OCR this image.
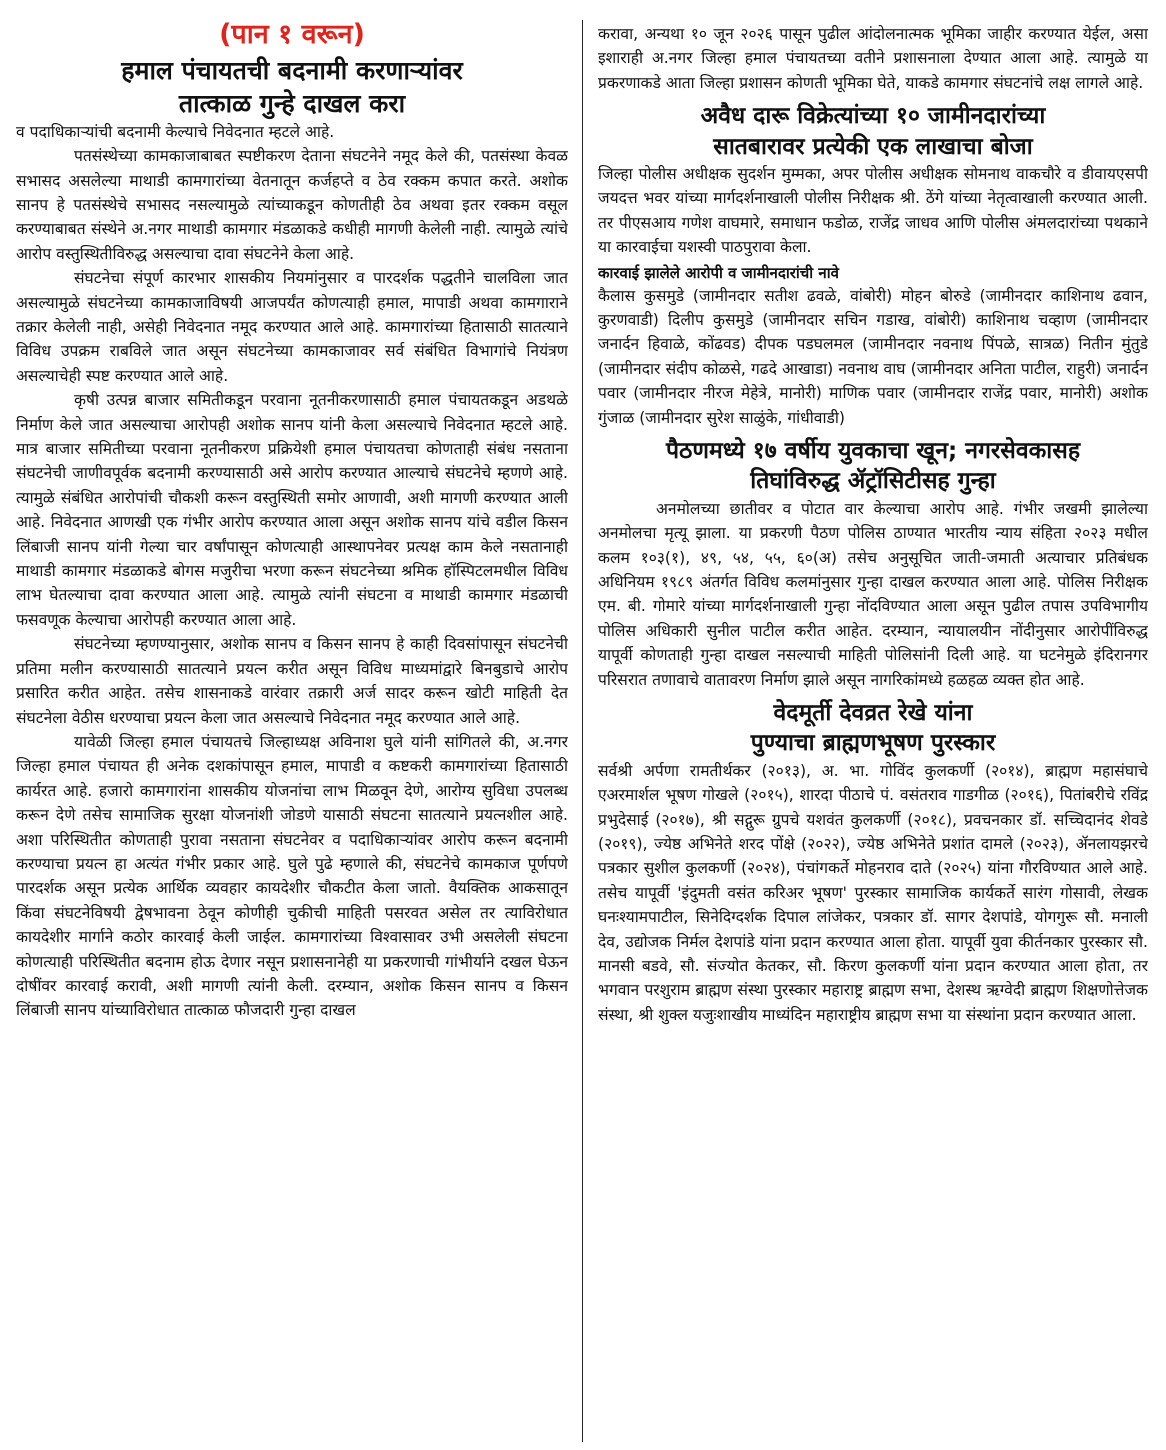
(पान १ वरून)
हमाल पंचायतची बदनामी करणाऱ्यांवर
तात्काळ गुन्हे दाखल करा

व पदाधिकाऱ्यांची बदनामी केल्याचे निवेदनात म्हटले आहे.

पतसंस्थेच्या कामकाजाबाबत स्पष्टीकरण देताना संघटनेने नमूद केले की, पतसंस्था केवळ सभासद असलेल्या माथाडी कामगारांच्या वेतनातून कर्जहप्ते व ठेव रक्कम कपात करते. अशोक सानप हे पतसंस्थेचे सभासद नसल्यामुळे त्यांच्याकडून कोणतीही ठेव अथवा इतर रक्कम वसूल करण्याबाबत संस्थेने अ.नगर माथाडी कामगार मंडळाकडे कधीही मागणी केलेली नाही. त्यामुळे त्यांचे आरोप वस्तुस्थितीविरुद्ध असल्याचा दावा संघटनेने केला आहे.

संघटनेचा संपूर्ण कारभार शासकीय नियमांनुसार व पारदर्शक पद्धतीने चालविला जात असल्यामुळे संघटनेच्या कामकाजाविषयी आजपर्यंत कोणत्याही हमाल, मापाडी अथवा कामगाराने तक्रार केलेली नाही, असेही निवेदनात नमूद करण्यात आले आहे. कामगारांच्या हितासाठी सातत्याने विविध उपक्रम राबविले जात असून संघटनेच्या कामकाजावर सर्व संबंधित विभागांचे नियंत्रण असल्याचेही स्पष्ट करण्यात आले आहे.

कृषी उत्पन्न बाजार समितीकडून परवाना नूतनीकरणासाठी हमाल पंचायतकडून अडथळे निर्माण केले जात असल्याचा आरोपही अशोक सानप यांनी केला असल्याचे निवेदनात म्हटले आहे. मात्र बाजार समितीच्या परवाना नूतनीकरण प्रक्रियेशी हमाल पंचायतचा कोणताही संबंध नसताना संघटनेची जाणीवपूर्वक बदनामी करण्यासाठी असे आरोप करण्यात आल्याचे संघटनेचे म्हणणे आहे. त्यामुळे संबंधित आरोपांची चौकशी करून वस्तुस्थिती समोर आणावी, अशी मागणी करण्यात आली आहे. निवेदनात आणखी एक गंभीर आरोप करण्यात आला असून अशोक सानप यांचे वडील किसन लिंबाजी सानप यांनी गेल्या चार वर्षांपासून कोणत्याही आस्थापनेवर प्रत्यक्ष काम केले नसतानाही माथाडी कामगार मंडळाकडे बोगस मजुरीचा भरणा करून संघटनेच्या श्रमिक हॉस्पिटलमधील विविध लाभ घेतल्याचा दावा करण्यात आला आहे. त्यामुळे त्यांनी संघटना व माथाडी कामगार मंडळाची फसवणूक केल्याचा आरोपही करण्यात आला आहे.

संघटनेच्या म्हणण्यानुसार, अशोक सानप व किसन सानप हे काही दिवसांपासून संघटनेची प्रतिमा मलीन करण्यासाठी सातत्याने प्रयत्न करीत असून विविध माध्यमांद्वारे बिनबुडाचे आरोप प्रसारित करीत आहेत. तसेच शासनाकडे वारंवार तक्रारी अर्ज सादर करून खोटी माहिती देत संघटनेला वेठीस धरण्याचा प्रयत्न केला जात असल्याचे निवेदनात नमूद करण्यात आले आहे.

यावेळी जिल्हा हमाल पंचायतचे जिल्हाध्यक्ष अविनाश घुले यांनी सांगितले की, अ.नगर जिल्हा हमाल पंचायत ही अनेक दशकांपासून हमाल, मापाडी व कष्टकरी कामगारांच्या हितासाठी कार्यरत आहे. हजारो कामगारांना शासकीय योजनांचा लाभ मिळवून देणे, आरोग्य सुविधा उपलब्ध करून देणे तसेच सामाजिक सुरक्षा योजनांशी जोडणे यासाठी संघटना सातत्याने प्रयत्नशील आहे. अशा परिस्थितीत कोणताही पुरावा नसताना संघटनेवर व पदाधिकाऱ्यांवर आरोप करून बदनामी करण्याचा प्रयत्न हा अत्यंत गंभीर प्रकार आहे. घुले पुढे म्हणाले की, संघटनेचे कामकाज पूर्णपणे पारदर्शक असून प्रत्येक आर्थिक व्यवहार कायदेशीर चौकटीत केला जातो. वैयक्तिक आकसातून किंवा संघटनेविषयी द्वेषभावना ठेवून कोणीही चुकीची माहिती पसरवत असेल तर त्याविरोधात कायदेशीर मार्गाने कठोर कारवाई केली जाईल. कामगारांच्या विश्वासावर उभी असलेली संघटना कोणत्याही परिस्थितीत बदनाम होऊ देणार नसून प्रशासनानेही या प्रकरणाची गांभीर्याने दखल घेऊन दोषींवर कारवाई करावी, अशी मागणी त्यांनी केली. दरम्यान, अशोक किसन सानप व किसन लिंबाजी सानप यांच्याविरोधात तात्काळ फौजदारी गुन्हा दाखल

करावा, अन्यथा १० जून २०२६ पासून पुढील आंदोलनात्मक भूमिका जाहीर करण्यात येईल, असा इशाराही अ.नगर जिल्हा हमाल पंचायतच्या वतीने प्रशासनाला देण्यात आला आहे. त्यामुळे या प्रकरणाकडे आता जिल्हा प्रशासन कोणती भूमिका घेते, याकडे कामगार संघटनांचे लक्ष लागले आहे.

अवैध दारू विक्रेत्यांच्या १० जामीनदारांच्या
सातबारावर प्रत्येकी एक लाखाचा बोजा

जिल्हा पोलीस अधीक्षक सुदर्शन मुम्मका, अपर पोलीस अधीक्षक सोमनाथ वाकचौरे व डीवायएसपी जयदत्त भवर यांच्या मार्गदर्शनाखाली पोलीस निरीक्षक श्री. ठेंगे यांच्या नेतृत्वाखाली करण्यात आली. तर पीएसआय गणेश वाघमारे, समाधान फडोळ, राजेंद्र जाधव आणि पोलीस अंमलदारांच्या पथकाने या कारवाईचा यशस्वी पाठपुरावा केला.

कारवाई झालेले आरोपी व जामीनदारांची नावे

कैलास कुसमुडे (जामीनदार सतीश ढवळे, वांबोरी) मोहन बोरुडे (जामीनदार काशिनाथ ढवान, कुरणवाडी) दिलीप कुसमुडे (जामीनदार सचिन गडाख, वांबोरी) काशिनाथ चव्हाण (जामीनदार जनार्दन हिवाळे, कोंढवड) दीपक पडघलमल (जामीनदार नवनाथ पिंपळे, सात्रळ) नितीन मुंतुडे (जामीनदार संदीप कोळसे, गढदे आखाडा) नवनाथ वाघ (जामीनदार अनिता पाटील, राहुरी) जनार्दन पवार (जामीनदार नीरज मेहेत्रे, मानोरी) माणिक पवार (जामीनदार राजेंद्र पवार, मानोरी) अशोक गुंजाळ (जामीनदार सुरेश साळुंके, गांधीवाडी)

पैठणमध्ये १७ वर्षीय युवकाचा खून; नगरसेवकासह
तिघांविरुद्ध ॲट्रॉसिटीसह गुन्हा

अनमोलच्या छातीवर व पोटात वार केल्याचा आरोप आहे. गंभीर जखमी झालेल्या अनमोलचा मृत्यू झाला. या प्रकरणी पैठण पोलिस ठाण्यात भारतीय न्याय संहिता २०२३ मधील कलम १०३(१), ४९, ५४, ५५, ६०(अ) तसेच अनुसूचित जाती-जमाती अत्याचार प्रतिबंधक अधिनियम १९८९ अंतर्गत विविध कलमांनुसार गुन्हा दाखल करण्यात आला आहे. पोलिस निरीक्षक एम. बी. गोमारे यांच्या मार्गदर्शनाखाली गुन्हा नोंदविण्यात आला असून पुढील तपास उपविभागीय पोलिस अधिकारी सुनील पाटील करीत आहेत. दरम्यान, न्यायालयीन नोंदीनुसार आरोपींविरुद्ध यापूर्वी कोणताही गुन्हा दाखल नसल्याची माहिती पोलिसांनी दिली आहे. या घटनेमुळे इंदिरानगर परिसरात तणावाचे वातावरण निर्माण झाले असून नागरिकांमध्ये हळहळ व्यक्त होत आहे.

वेदमूर्ती देवव्रत रेखे यांना
पुण्याचा ब्राह्मणभूषण पुरस्कार

सर्वश्री अर्पणा रामतीर्थकर (२०१३), अ. भा. गोविंद कुलकर्णी (२०१४), ब्राह्मण महासंघाचे एअरमार्शल भूषण गोखले (२०१५), शारदा पीठाचे पं. वसंतराव गाडगीळ (२०१६), पितांबरीचे रविंद्र प्रभुदेसाई (२०१७), श्री सद्गुरू ग्रुपचे यशवंत कुलकर्णी (२०१८), प्रवचनकार डॉ. सच्चिदानंद शेवडे (२०१९), ज्येष्ठ अभिनेते शरद पोंक्षे (२०२२), ज्येष्ठ अभिनेते प्रशांत दामले (२०२३), ॲनलायझरचे पत्रकार सुशील कुलकर्णी (२०२४), पंचांगकर्ते मोहनराव दाते (२०२५) यांना गौरविण्यात आले आहे. तसेच यापूर्वी 'इंदुमती वसंत करिअर भूषण' पुरस्कार सामाजिक कार्यकर्ते सारंग गोसावी, लेखक घनःश्यामपाटील, सिनेदिग्दर्शक दिपाल लांजेकर, पत्रकार डॉ. सागर देशपांडे, योगगुरू सौ. मनाली देव, उद्योजक निर्मल देशपांडे यांना प्रदान करण्यात आला होता. यापूर्वी युवा कीर्तनकार पुरस्कार सौ. मानसी बडवे, सौ. संज्योत केतकर, सौ. किरण कुलकर्णी यांना प्रदान करण्यात आला होता, तर भगवान परशुराम ब्राह्मण संस्था पुरस्कार महाराष्ट्र ब्राह्मण सभा, देशस्थ ऋग्वेदी ब्राह्मण शिक्षणोत्तेजक संस्था, श्री शुक्ल यजुःशाखीय माध्यंदिन महाराष्ट्रीय ब्राह्मण सभा या संस्थांना प्रदान करण्यात आला.
